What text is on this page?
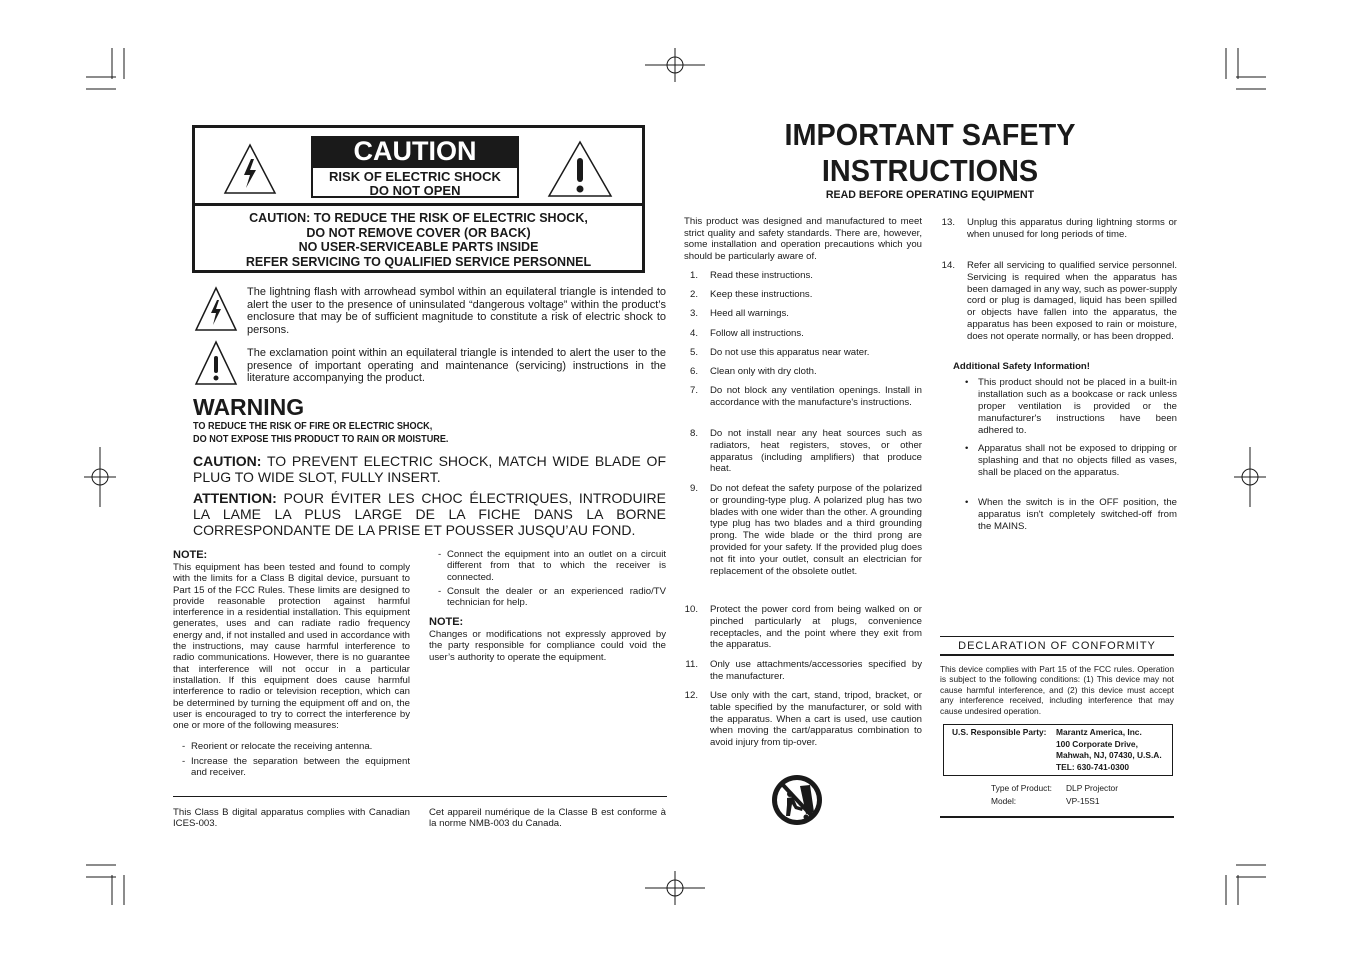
CAUTION
RISK OF ELECTRIC SHOCK
DO NOT OPEN
CAUTION: TO REDUCE THE RISK OF ELECTRIC SHOCK,
DO NOT REMOVE COVER (OR BACK)
NO USER-SERVICEABLE PARTS INSIDE
REFER SERVICING TO QUALIFIED SERVICE PERSONNEL
The lightning flash with arrowhead symbol within an equilateral triangle is intended to alert the user to the presence of uninsulated “dangerous voltage” within the product’s enclosure that may be of sufficient magnitude to constitute a risk of electric shock to persons.
The exclamation point within an equilateral triangle is intended to alert the user to the presence of important operating and maintenance (servicing) instructions in the literature accompanying the product.
WARNING
TO REDUCE THE RISK OF FIRE OR ELECTRIC SHOCK,
DO NOT EXPOSE THIS PRODUCT TO RAIN OR MOISTURE.
CAUTION: TO PREVENT ELECTRIC SHOCK, MATCH WIDE BLADE OF PLUG TO WIDE SLOT, FULLY INSERT.
ATTENTION: POUR ÉVITER LES CHOC ÉLECTRIQUES, INTRODUIRE LA LAME LA PLUS LARGE DE LA FICHE DANS LA BORNE CORRESPONDANTE DE LA PRISE ET POUSSER JUSQU’AU FOND.
NOTE:
This equipment has been tested and found to comply with the limits for a Class B digital device, pursuant to Part 15 of the FCC Rules. These limits are designed to provide reasonable protection against harmful interference in a residential installation. This equipment generates, uses and can radiate radio frequency energy and, if not installed and used in accordance with the instructions, may cause harmful interference to radio communications. However, there is no guarantee that interference will not occur in a particular installation. If this equipment does cause harmful interference to radio or television reception, which can be determined by turning the equipment off and on, the user is encouraged to try to correct the interference by one or more of the following measures:
- Reorient or relocate the receiving antenna.
- Increase the separation between the equipment and receiver.
- Connect the equipment into an outlet on a circuit different from that to which the receiver is connected.
- Consult the dealer or an experienced radio/TV technician for help.
NOTE:
Changes or modifications not expressly approved by the party responsible for compliance could void the user’s authority to operate the equipment.
This Class B digital apparatus complies with Canadian ICES-003.
Cet appareil numérique de la Classe B est conforme à la norme NMB-003 du Canada.
IMPORTANT SAFETY
INSTRUCTIONS
READ BEFORE OPERATING EQUIPMENT
This product was designed and manufactured to meet strict quality and safety standards. There are, however, some installation and operation precautions which you should be particularly aware of.
1. Read these instructions.
2. Keep these instructions.
3. Heed all warnings.
4. Follow all instructions.
5. Do not use this apparatus near water.
6. Clean only with dry cloth.
7. Do not block any ventilation openings. Install in accordance with the manufacture's instructions.
8. Do not install near any heat sources such as radiators, heat registers, stoves, or other apparatus (including amplifiers) that produce heat.
9. Do not defeat the safety purpose of the polarized or grounding-type plug. A polarized plug has two blades with one wider than the other. A grounding type plug has two blades and a third grounding prong. The wide blade or the third prong are provided for your safety. If the provided plug does not fit into your outlet, consult an electrician for replacement of the obsolete outlet.
10. Protect the power cord from being walked on or pinched particularly at plugs, convenience receptacles, and the point where they exit from the apparatus.
11. Only use attachments/accessories specified by the manufacturer.
12. Use only with the cart, stand, tripod, bracket, or table specified by the manufacturer, or sold with the apparatus. When a cart is used, use caution when moving the cart/apparatus combination to avoid injury from tip-over.
13. Unplug this apparatus during lightning storms or when unused for long periods of time.
14. Refer all servicing to qualified service personnel. Servicing is required when the apparatus has been damaged in any way, such as power-supply cord or plug is damaged, liquid has been spilled or objects have fallen into the apparatus, the apparatus has been exposed to rain or moisture, does not operate normally, or has been dropped.
Additional Safety Information!
• This product should not be placed in a built-in installation such as a bookcase or rack unless proper ventilation is provided or the manufacturer's instructions have been adhered to.
• Apparatus shall not be exposed to dripping or splashing and that no objects filled as vases, shall be placed on the apparatus.
• When the switch is in the OFF position, the apparatus isn't completely switched-off from the MAINS.
DECLARATION OF CONFORMITY
This device complies with Part 15 of the FCC rules. Operation is subject to the following conditions: (1) This device may not cause harmful interference, and (2) this device must accept any interference received, including interference that may cause undesired operation.
U.S. Responsible Party: Marantz America, Inc.
100 Corporate Drive,
Mahwah, NJ, 07430, U.S.A.
TEL: 630-741-0300
Type of Product: DLP Projector
Model:	VP-15S1
